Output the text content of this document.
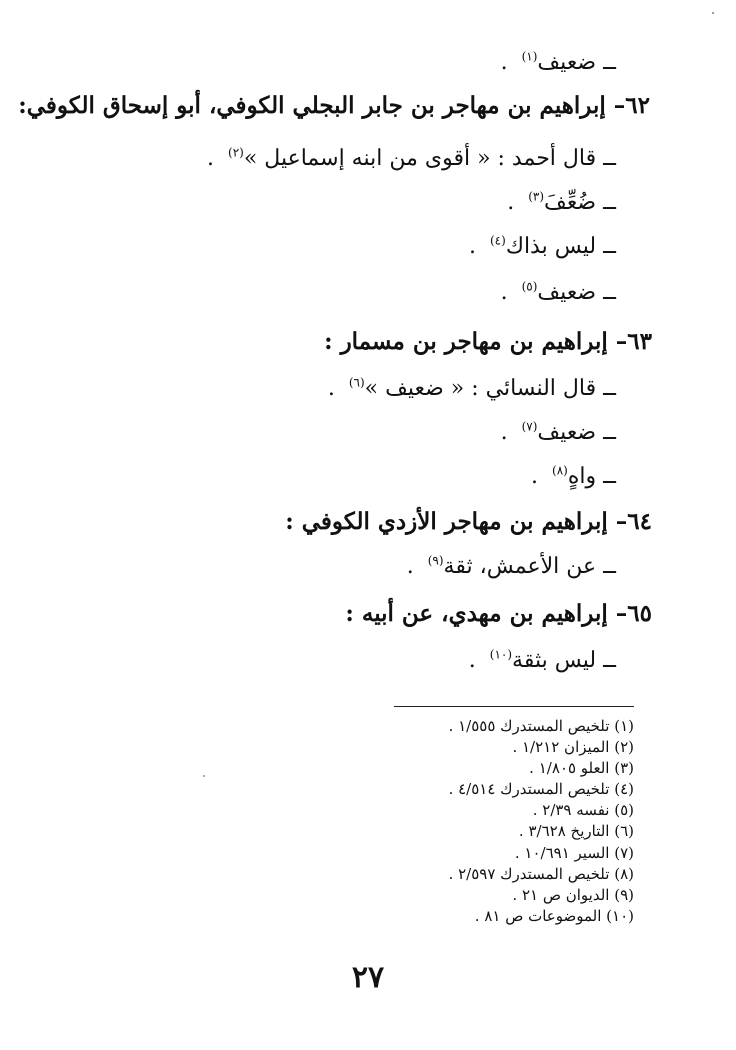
ــ ضعيف$^{(١)}$  .
٦٢– إبراهيم بن مهاجر بن جابر البجلي الكوفي، أبو إسحاق الكوفي:
ــ قال أحمد : « أقوى من ابنه إسماعيل »$^{(٢)}$  .
ــ ضُعِّفَ$^{(٣)}$  .
ــ ليس بذاك$^{(٤)}$  .
ــ ضعيف$^{(٥)}$  .
٦٣– إبراهيم بن مهاجر بن مسمار :
ــ قال النسائي : « ضعيف »$^{(٦)}$  .
ــ ضعيف$^{(٧)}$  .
ــ واهٍ$^{(٨)}$  .
٦٤– إبراهيم بن مهاجر الأزدي الكوفي :
ــ عن الأعمش، ثقة$^{(٩)}$  .
٦٥– إبراهيم بن مهدي، عن أبيه :
ــ ليس بثقة$^{(١٠)}$  .
(١) تلخيص المستدرك ١/٥٥٥ .
(٢) الميزان ١/٢١٢ .
(٣) العلو ١/٨٠٥ .
(٤) تلخيص المستدرك ٤/٥١٤ .
(٥) نفسه ٢/٣٩ .
(٦) التاريخ ٣/٦٢٨ .
(٧) السير ١٠/٦٩١ .
(٨) تلخيص المستدرك ٢/٥٩٧ .
(٩) الديوان ص ٢١ .
(١٠) الموضوعات ص ٨١ .
٢٧
